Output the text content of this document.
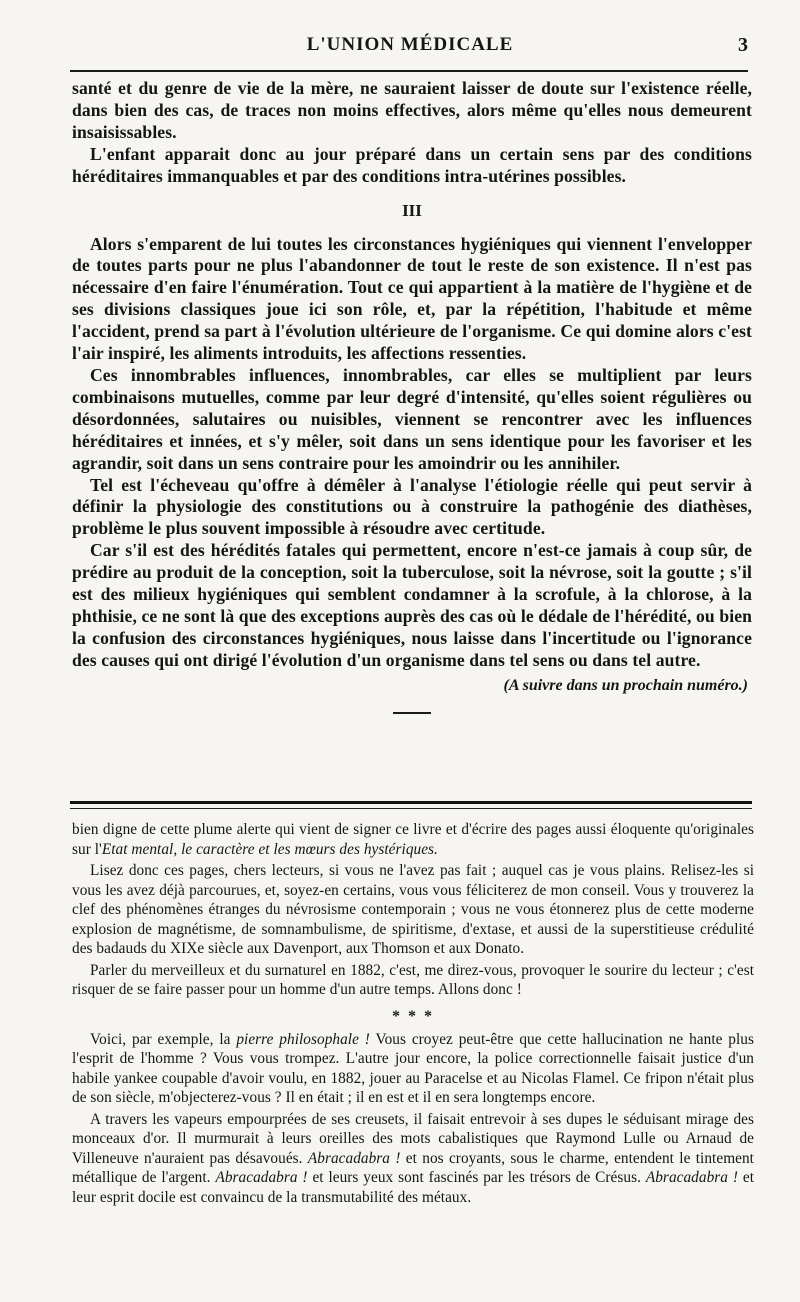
L'UNION MÉDICALE	3

santé et du genre de vie de la mère, ne sauraient laisser de doute sur l'existence réelle, dans bien des cas, de traces non moins effectives, alors même qu'elles nous demeurent insaisissables.

L'enfant apparait donc au jour préparé dans un certain sens par des conditions héréditaires immanquables et par des conditions intra-utérines possibles.

III

Alors s'emparent de lui toutes les circonstances hygiéniques qui viennent l'envelopper de toutes parts pour ne plus l'abandonner de tout le reste de son existence. Il n'est pas nécessaire d'en faire l'énumération. Tout ce qui appartient à la matière de l'hygiène et de ses divisions classiques joue ici son rôle, et, par la répétition, l'habitude et même l'accident, prend sa part à l'évolution ultérieure de l'organisme. Ce qui domine alors c'est l'air inspiré, les aliments introduits, les affections ressenties.

Ces innombrables influences, innombrables, car elles se multiplient par leurs combinaisons mutuelles, comme par leur degré d'intensité, qu'elles soient régulières ou désordonnées, salutaires ou nuisibles, viennent se rencontrer avec les influences héréditaires et innées, et s'y mêler, soit dans un sens identique pour les favoriser et les agrandir, soit dans un sens contraire pour les amoindrir ou les annihiler.

Tel est l'écheveau qu'offre à démêler à l'analyse l'étiologie réelle qui peut servir à définir la physiologie des constitutions ou à construire la pathogénie des diathèses, problème le plus souvent impossible à résoudre avec certitude.

Car s'il est des hérédités fatales qui permettent, encore n'est-ce jamais à coup sûr, de prédire au produit de la conception, soit la tuberculose, soit la névrose, soit la goutte ; s'il est des milieux hygiéniques qui semblent condamner à la scrofule, à la chlorose, à la phthisie, ce ne sont là que des exceptions auprès des cas où le dédale de l'hérédité, ou bien la confusion des circonstances hygiéniques, nous laisse dans l'incertitude ou l'ignorance des causes qui ont dirigé l'évolution d'un organisme dans tel sens ou dans tel autre.

(A suivre dans un prochain numéro.)

bien digne de cette plume alerte qui vient de signer ce livre et d'écrire des pages aussi éloquente qu'originales sur l'Etat mental, le caractère et les mœurs des hystériques.

Lisez donc ces pages, chers lecteurs, si vous ne l'avez pas fait ; auquel cas je vous plains. Relisez-les si vous les avez déjà parcourues, et, soyez-en certains, vous vous féliciterez de mon conseil. Vous y trouverez la clef des phénomènes étranges du névrosisme contemporain ; vous ne vous étonnerez plus de cette moderne explosion de magnétisme, de somnambulisme, de spiritisme, d'extase, et aussi de la superstitieuse crédulité des badauds du XIXe siècle aux Davenport, aux Thomson et aux Donato.

Parler du merveilleux et du surnaturel en 1882, c'est, me direz-vous, provoquer le sourire du lecteur ; c'est risquer de se faire passer pour un homme d'un autre temps. Allons donc !

* * *

Voici, par exemple, la pierre philosophale ! Vous croyez peut-être que cette hallucination ne hante plus l'esprit de l'homme ? Vous vous trompez. L'autre jour encore, la police correctionnelle faisait justice d'un habile yankee coupable d'avoir voulu, en 1882, jouer au Paracelse et au Nicolas Flamel. Ce fripon n'était plus de son siècle, m'objecterez-vous ? Il en était ; il en est et il en sera longtemps encore.

A travers les vapeurs empourprées de ses creusets, il faisait entrevoir à ses dupes le séduisant mirage des monceaux d'or. Il murmurait à leurs oreilles des mots cabalistiques que Raymond Lulle ou Arnaud de Villeneuve n'auraient pas désavoués. Abracadabra ! et nos croyants, sous le charme, entendent le tintement métallique de l'argent. Abracadabra ! et leurs yeux sont fascinés par les trésors de Crésus. Abracadabra ! et leur esprit docile est convaincu de la transmutabilité des métaux.
